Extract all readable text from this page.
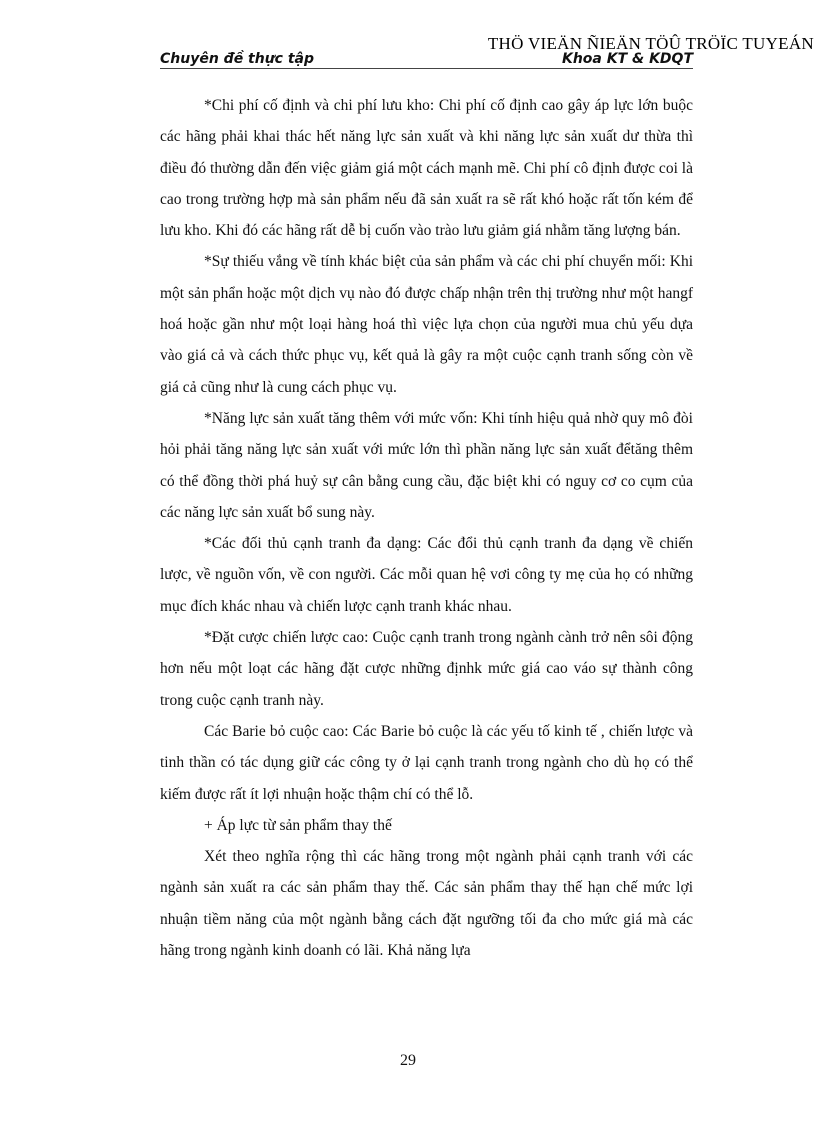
THÖ VIEÄN ÑIEÄN TÖÛ TRÖÏC TUYEÁN
Chuyên đề thực tập	Khoa KT & KDQT

*Chi phí cố định và chi phí lưu kho: Chi phí cố định cao gây áp lực lớn buộc các hãng phải khai thác hết năng lực sản xuất và khi năng lực sản xuất dư thừa thì điều đó thường dẫn đến việc giảm giá một cách mạnh mẽ. Chi phí cô định được coi là cao trong trường hợp mà sản phẩm nếu đã sản xuất ra sẽ rất khó hoặc rất tốn kém để lưu kho. Khi đó các hãng rất dễ bị cuốn vào trào lưu giảm giá nhằm tăng lượng bán.

*Sự thiếu vắng về tính khác biệt của sản phẩm và các chi phí chuyển mối: Khi một sản phẩn hoặc một dịch vụ nào đó được chấp nhận trên thị trường như một hangf hoá hoặc gần như một loại hàng hoá thì việc lựa chọn của người mua chủ yếu dựa vào giá cả và cách thức phục vụ, kết quả là gây ra một cuộc cạnh tranh sống còn về giá cả cũng như là cung cách phục vụ.

*Năng lực sản xuất tăng thêm với mức vốn: Khi tính hiệu quả nhờ quy mô đòi hỏi phải tăng năng lực sản xuất với mức lớn thì phần năng lực sản xuất đểtăng thêm có thể đồng thời phá huỷ sự cân bằng cung cầu, đặc biệt khi có nguy cơ co cụm của các năng lực sản xuất bổ sung này.

*Các đối thủ cạnh tranh đa dạng: Các đổi thủ cạnh tranh đa dạng về chiến lược, về nguồn vốn, về con người. Các mỗi quan hệ vơi công ty mẹ của họ có những mục đích khác nhau và chiến lược cạnh tranh khác nhau.

*Đặt cược chiến lược cao: Cuộc cạnh tranh trong ngành cành trở nên sôi động hơn nếu một loạt các hãng đặt cược những địnhk mức giá cao váo sự thành công trong cuộc cạnh tranh này.

Các Barie bỏ cuộc cao: Các Barie bỏ cuộc là các yếu tố kinh tế , chiến lược và tinh thần có tác dụng giữ các công ty ở lại cạnh tranh trong ngành cho dù họ có thể kiếm được rất ít lợi nhuận hoặc thậm chí có thể lỗ.

+ Áp lực từ sản phẩm thay thế

Xét theo nghĩa rộng thì các hãng trong một ngành phải cạnh tranh với các ngành sản xuất ra các sản phẩm thay thế. Các sản phẩm thay thế hạn chế mức lợi nhuận tiềm năng của một ngành bằng cách đặt ngưỡng tối đa cho mức giá mà các hãng trong ngành kinh doanh có lãi. Khả năng lựa

29
